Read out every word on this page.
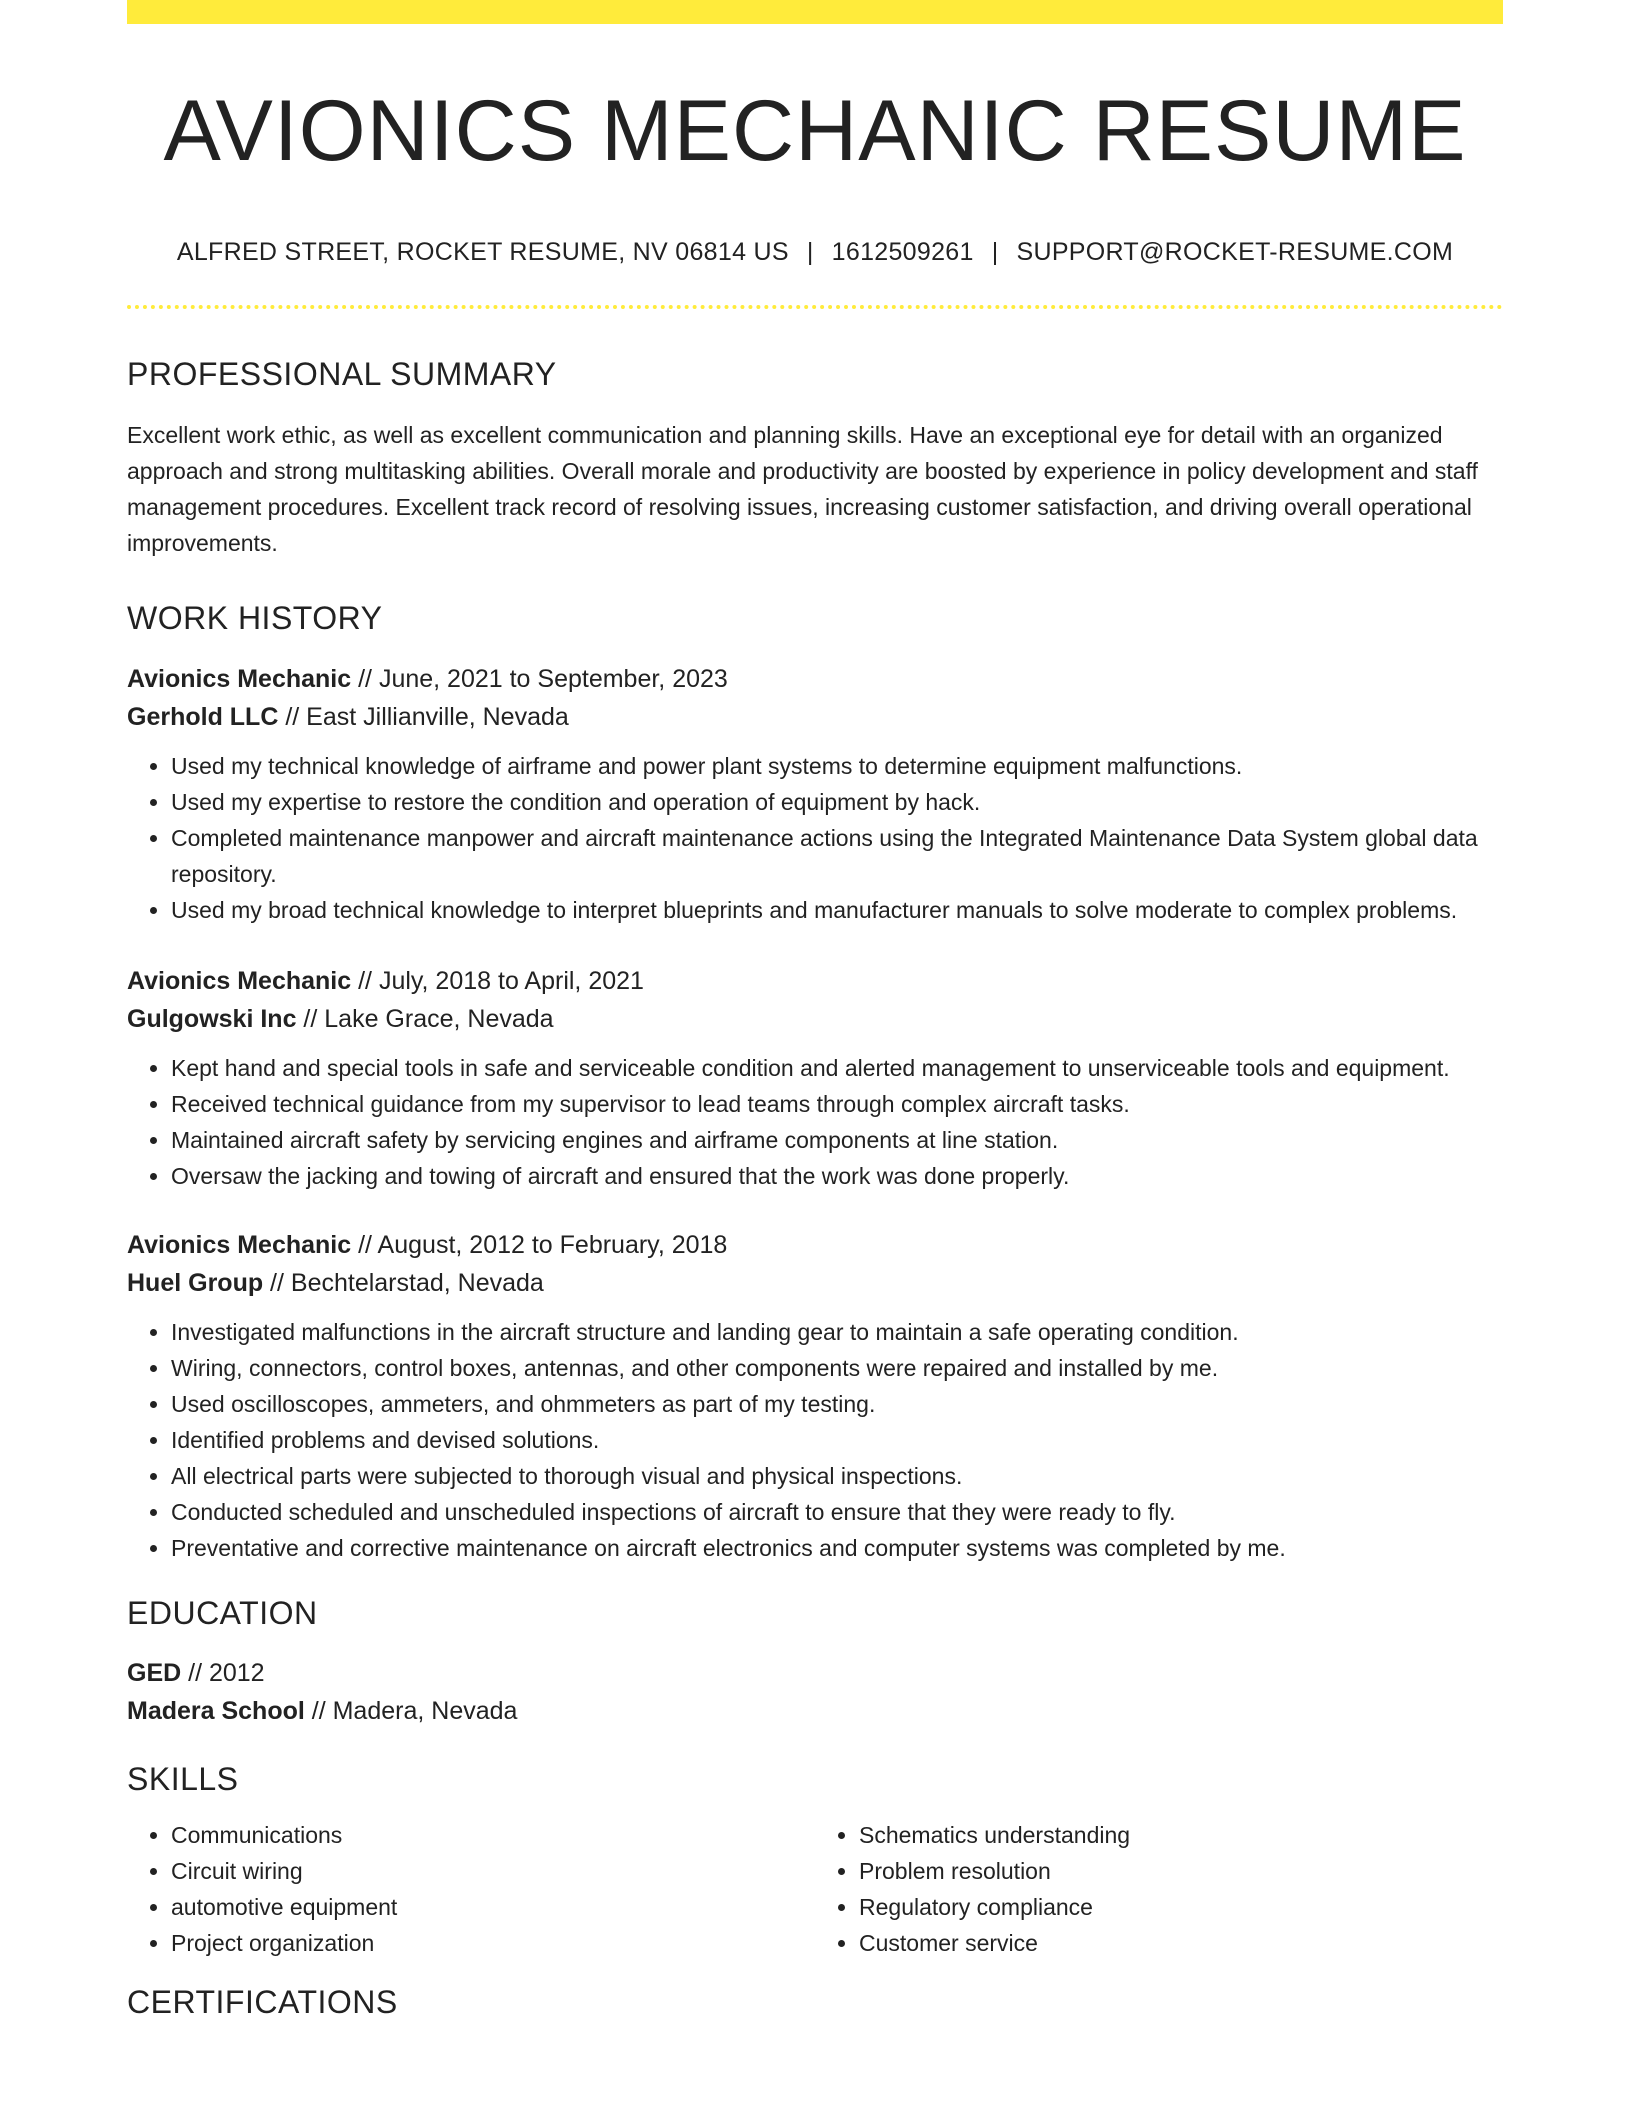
AVIONICS MECHANIC RESUME
ALFRED STREET, ROCKET RESUME, NV 06814 US | 1612509261 | SUPPORT@ROCKET-RESUME.COM
PROFESSIONAL SUMMARY

Excellent work ethic, as well as excellent communication and planning skills. Have an exceptional eye for detail with an organized approach and strong multitasking abilities. Overall morale and productivity are boosted by experience in policy development and staff management procedures. Excellent track record of resolving issues, increasing customer satisfaction, and driving overall operational improvements.

WORK HISTORY
Avionics Mechanic // June, 2021 to September, 2023
Gerhold LLC // East Jillianville, Nevada
• Used my technical knowledge of airframe and power plant systems to determine equipment malfunctions.
• Used my expertise to restore the condition and operation of equipment by hack.
• Completed maintenance manpower and aircraft maintenance actions using the Integrated Maintenance Data System global data repository.
• Used my broad technical knowledge to interpret blueprints and manufacturer manuals to solve moderate to complex problems.
Avionics Mechanic // July, 2018 to April, 2021
Gulgowski Inc // Lake Grace, Nevada
• Kept hand and special tools in safe and serviceable condition and alerted management to unserviceable tools and equipment.
• Received technical guidance from my supervisor to lead teams through complex aircraft tasks.
• Maintained aircraft safety by servicing engines and airframe components at line station.
• Oversaw the jacking and towing of aircraft and ensured that the work was done properly.
Avionics Mechanic // August, 2012 to February, 2018
Huel Group // Bechtelarstad, Nevada
• Investigated malfunctions in the aircraft structure and landing gear to maintain a safe operating condition.
• Wiring, connectors, control boxes, antennas, and other components were repaired and installed by me.
• Used oscilloscopes, ammeters, and ohmmeters as part of my testing.
• Identified problems and devised solutions.
• All electrical parts were subjected to thorough visual and physical inspections.
• Conducted scheduled and unscheduled inspections of aircraft to ensure that they were ready to fly.
• Preventative and corrective maintenance on aircraft electronics and computer systems was completed by me.
EDUCATION
GED // 2012
Madera School // Madera, Nevada
SKILLS
• Communications
• Circuit wiring
• automotive equipment
• Project organization
• Schematics understanding
• Problem resolution
• Regulatory compliance
• Customer service
CERTIFICATIONS
